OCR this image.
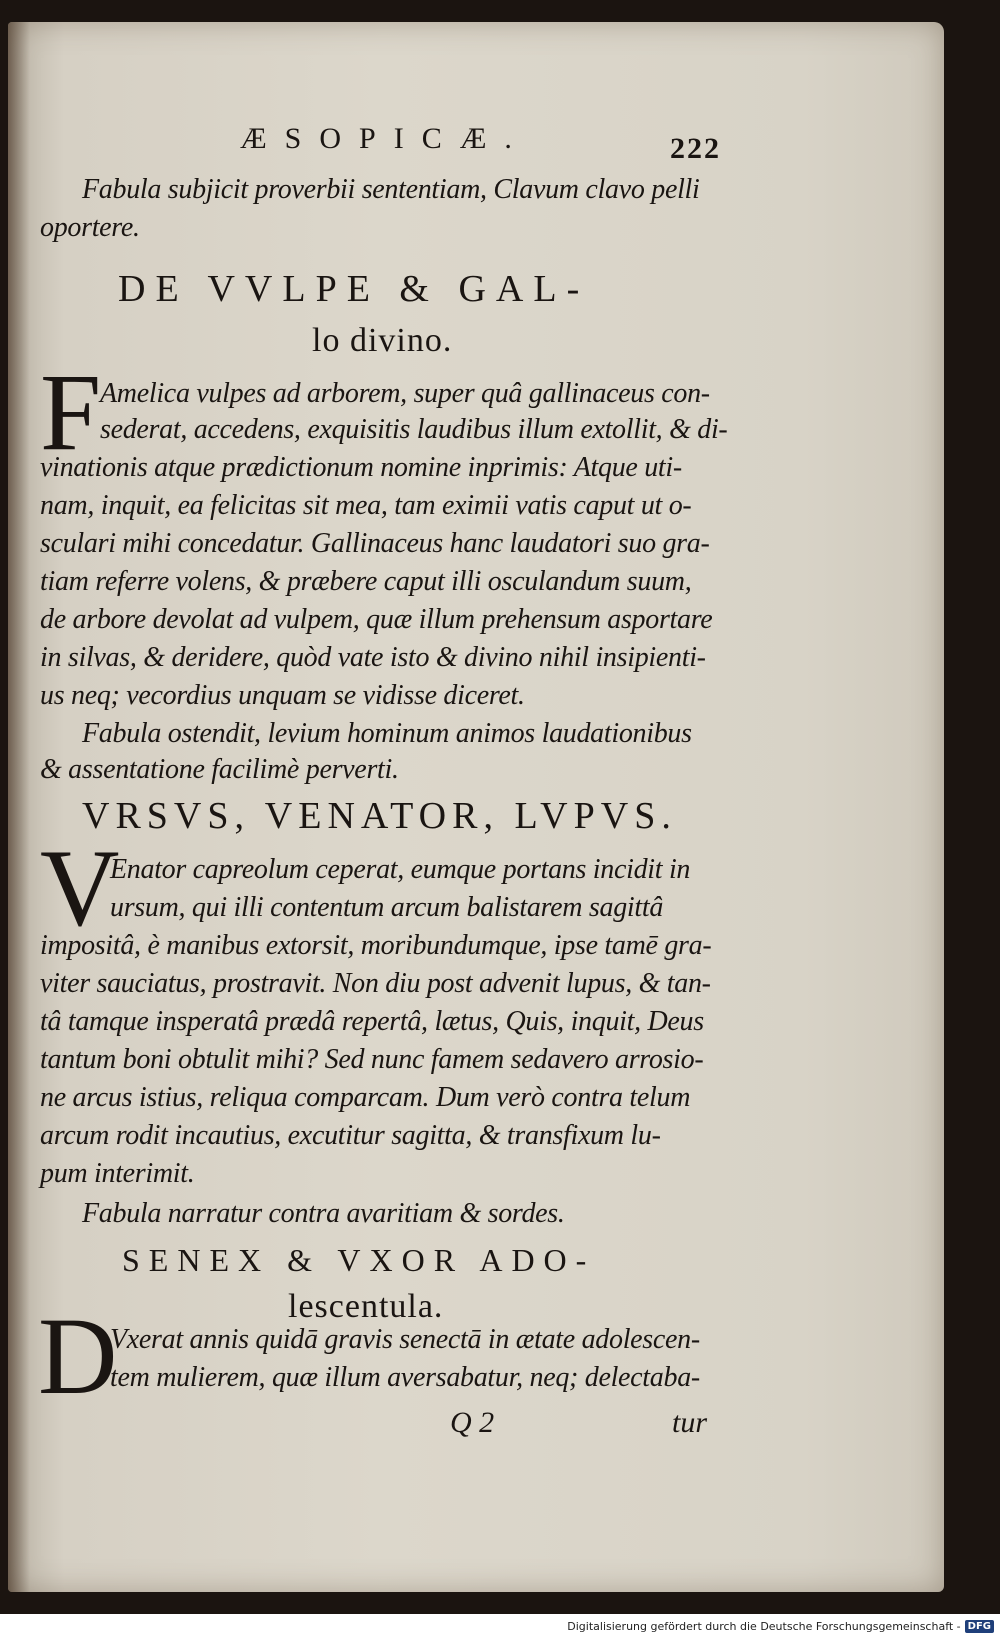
ÆSOPICÆ.	222
Fabula subjicit proverbii sententiam, Clavum clavo pelli
oportere.
DE VVLPE & GAL-
lo divino.
F
Amelica vulpes ad arborem, super quâ gallinaceus con-
sederat, accedens, exquisitis laudibus illum extollit, & di-
vinationis atque prædictionum nomine inprimis: Atque uti-
nam, inquit, ea felicitas sit mea, tam eximii vatis caput ut o-
sculari mihi concedatur. Gallinaceus hanc laudatori suo gra-
tiam referre volens, & præbere caput illi osculandum suum,
de arbore devolat ad vulpem, quæ illum prehensum asportare
in silvas, & deridere, quòd vate isto & divino nihil insipienti-
us neq; vecordius unquam se vidisse diceret.
Fabula ostendit, levium hominum animos laudationibus
& assentatione facilimè perverti.
VRSVS, VENATOR, LVPVS.
V
Enator capreolum ceperat, eumque portans incidit in
ursum, qui illi contentum arcum balistarem sagittâ
impositâ, è manibus extorsit, moribundumque, ipse tamē gra-
viter sauciatus, prostravit. Non diu post advenit lupus, & tan-
tâ tamque insperatâ prædâ repertâ, lætus, Quis, inquit, Deus
tantum boni obtulit mihi? Sed nunc famem sedavero arrosio-
ne arcus istius, reliqua comparcam. Dum verò contra telum
arcum rodit incautius, excutitur sagitta, & transfixum lu-
pum interimit.
Fabula narratur contra avaritiam & sordes.
SENEX & VXOR ADO-
lescentula.
D
Vxerat annis quidā gravis senectā in ætate adolescen-
tem mulierem, quæ illum aversabatur, neq; delectaba-
Q 2	tur
Digitalisierung gefördert durch die Deutsche Forschungsgemeinschaft - DFG
